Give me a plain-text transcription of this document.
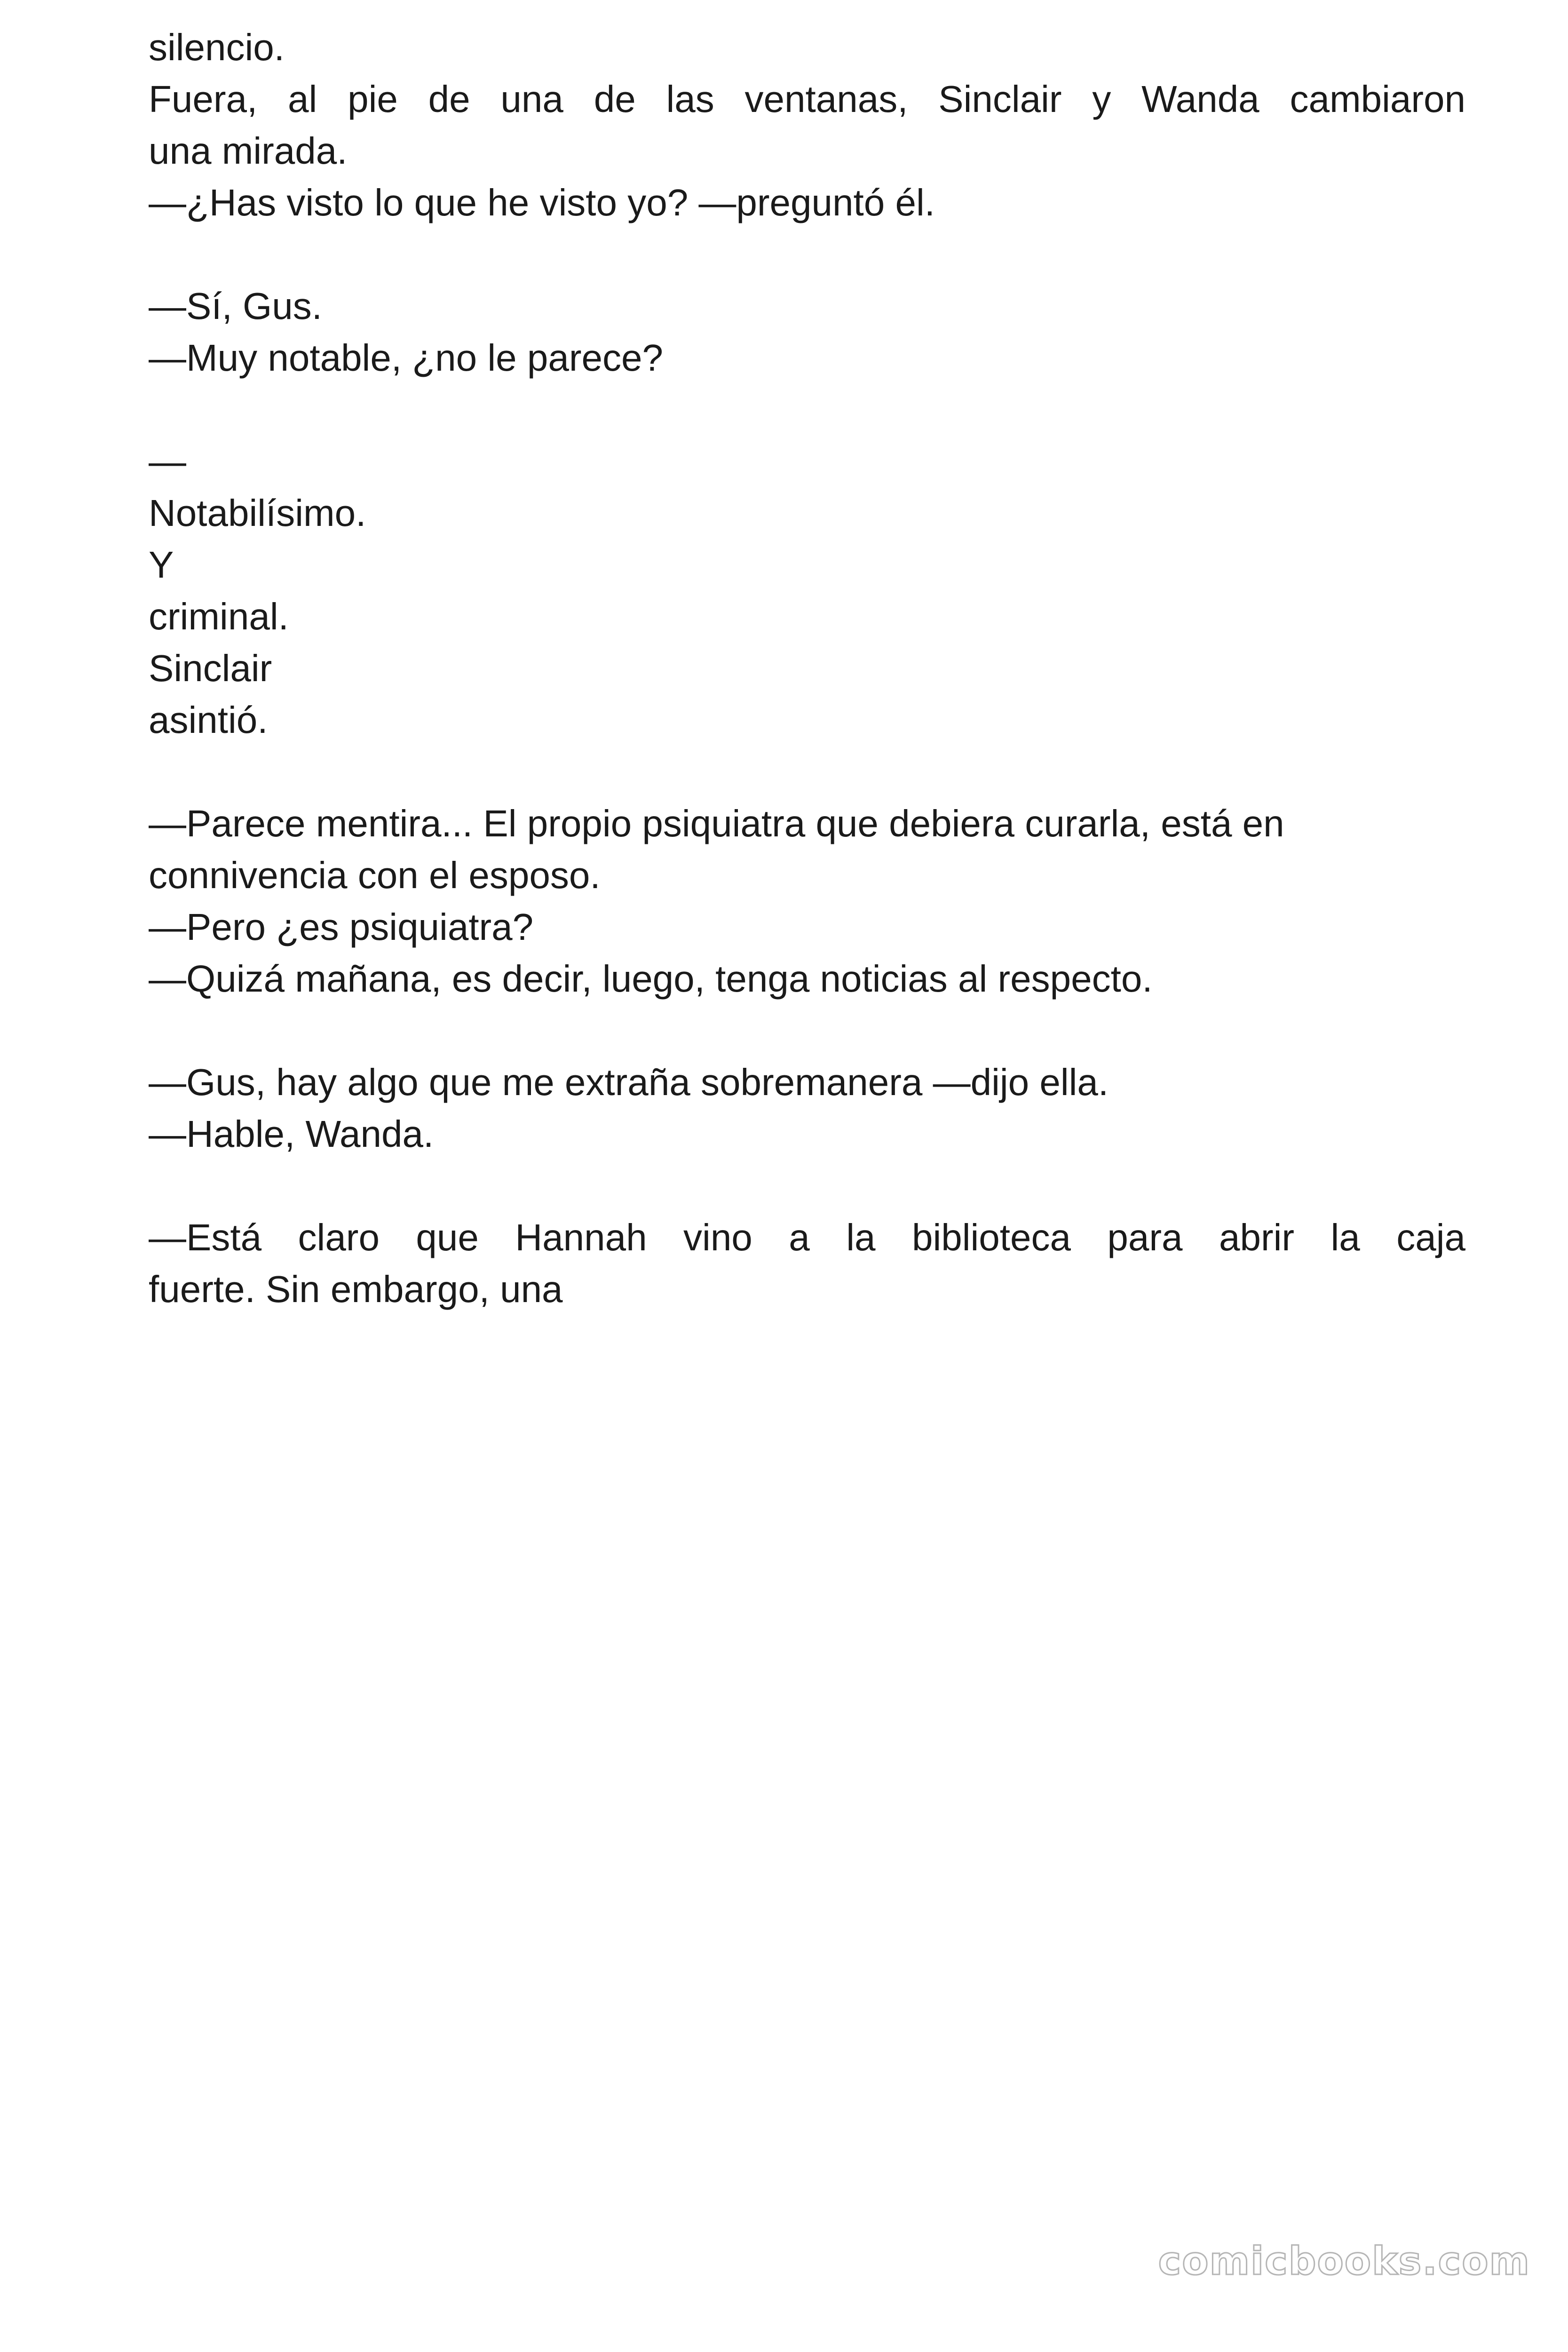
silencio.
Fuera, al pie de una de las ventanas, Sinclair y Wanda cambiaron
una mirada.
—¿Has visto lo que he visto yo? —preguntó él.
—Sí, Gus.
—Muy notable, ¿no le parece?
—
Notabilísimo.
Y
criminal.
Sinclair
asintió.
—Parece mentira... El propio psiquiatra que debiera curarla, está en
connivencia con el esposo.
—Pero ¿es psiquiatra?
—Quizá mañana, es decir, luego, tenga noticias al respecto.
—Gus, hay algo que me extraña sobremanera —dijo ella.
—Hable, Wanda.
—Está claro que Hannah vino a la biblioteca para abrir la caja
fuerte. Sin embargo, una
comicbooks.com
